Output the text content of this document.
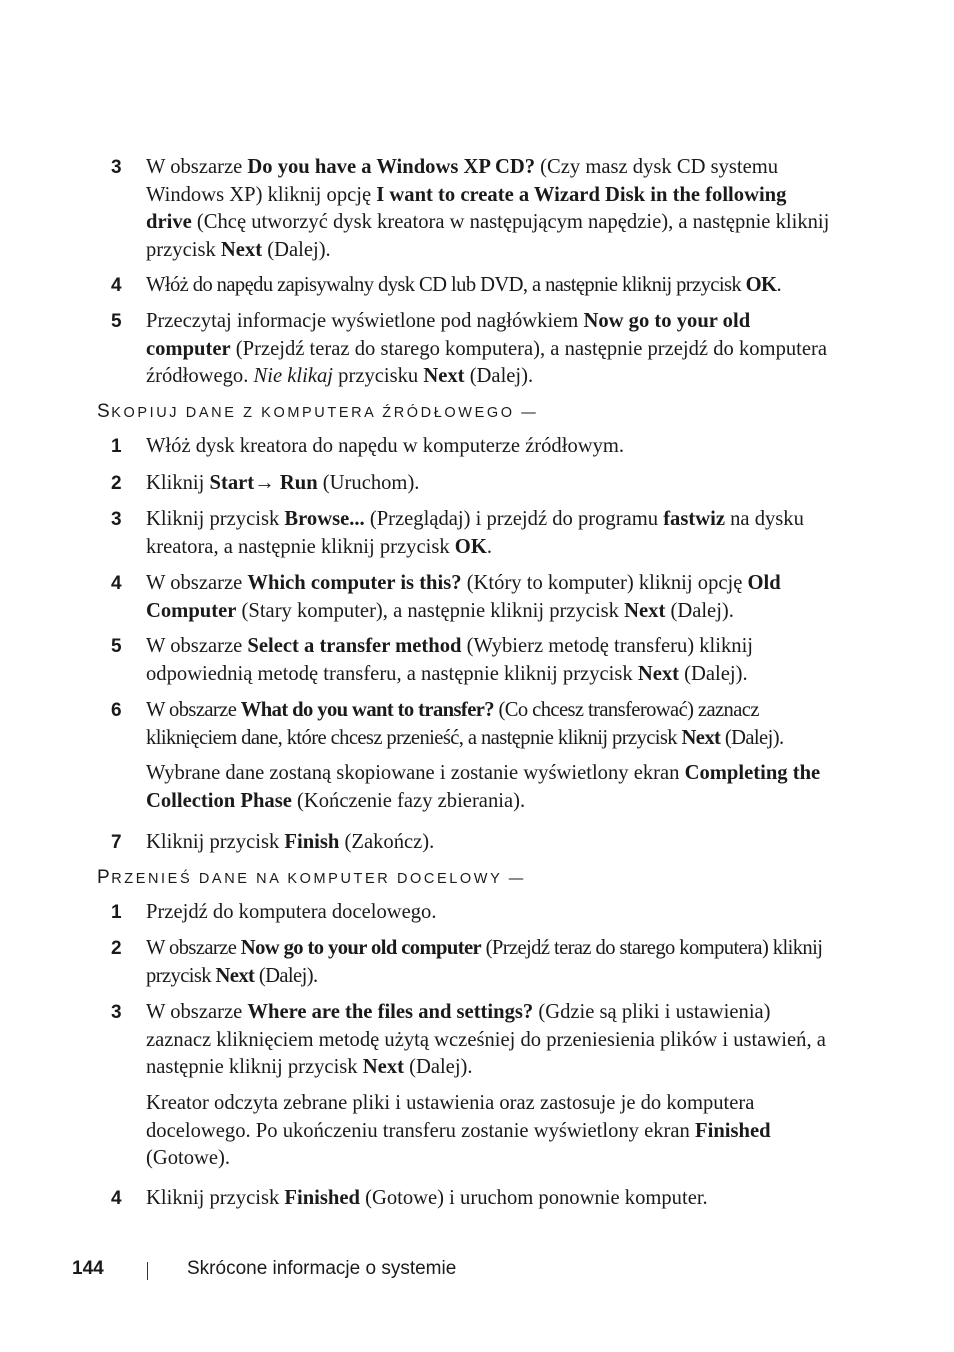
3 W obszarze Do you have a Windows XP CD? (Czy masz dysk CD systemu Windows XP) kliknij opcję I want to create a Wizard Disk in the following drive (Chcę utworzyć dysk kreatora w następującym napędzie), a następnie kliknij przycisk Next (Dalej).
4 Włóż do napędu zapisywalny dysk CD lub DVD, a następnie kliknij przycisk OK.
5 Przeczytaj informacje wyświetlone pod nagłówkiem Now go to your old computer (Przejdź teraz do starego komputera), a następnie przejdź do komputera źródłowego. Nie klikaj przycisku Next (Dalej).
SKOPIUJ DANE Z KOMPUTERA ŹRÓDŁOWEGO —
1 Włóż dysk kreatora do napędu w komputerze źródłowym.
2 Kliknij Start→ Run (Uruchom).
3 Kliknij przycisk Browse... (Przeglądaj) i przejdź do programu fastwiz na dysku kreatora, a następnie kliknij przycisk OK.
4 W obszarze Which computer is this? (Który to komputer) kliknij opcję Old Computer (Stary komputer), a następnie kliknij przycisk Next (Dalej).
5 W obszarze Select a transfer method (Wybierz metodę transferu) kliknij odpowiednią metodę transferu, a następnie kliknij przycisk Next (Dalej).
6 W obszarze What do you want to transfer? (Co chcesz transferować) zaznacz kliknięciem dane, które chcesz przenieść, a następnie kliknij przycisk Next (Dalej).
Wybrane dane zostaną skopiowane i zostanie wyświetlony ekran Completing the Collection Phase (Kończenie fazy zbierania).
7 Kliknij przycisk Finish (Zakończ).
PRZENIEŚ DANE NA KOMPUTER DOCELOWY —
1 Przejdź do komputera docelowego.
2 W obszarze Now go to your old computer (Przejdź teraz do starego komputera) kliknij przycisk Next (Dalej).
3 W obszarze Where are the files and settings? (Gdzie są pliki i ustawienia) zaznacz kliknięciem metodę użytą wcześniej do przeniesienia plików i ustawień, a następnie kliknij przycisk Next (Dalej).
Kreator odczyta zebrane pliki i ustawienia oraz zastosuje je do komputera docelowego. Po ukończeniu transferu zostanie wyświetlony ekran Finished (Gotowe).
4 Kliknij przycisk Finished (Gotowe) i uruchom ponownie komputer.
144	Skrócone informacje o systemie
